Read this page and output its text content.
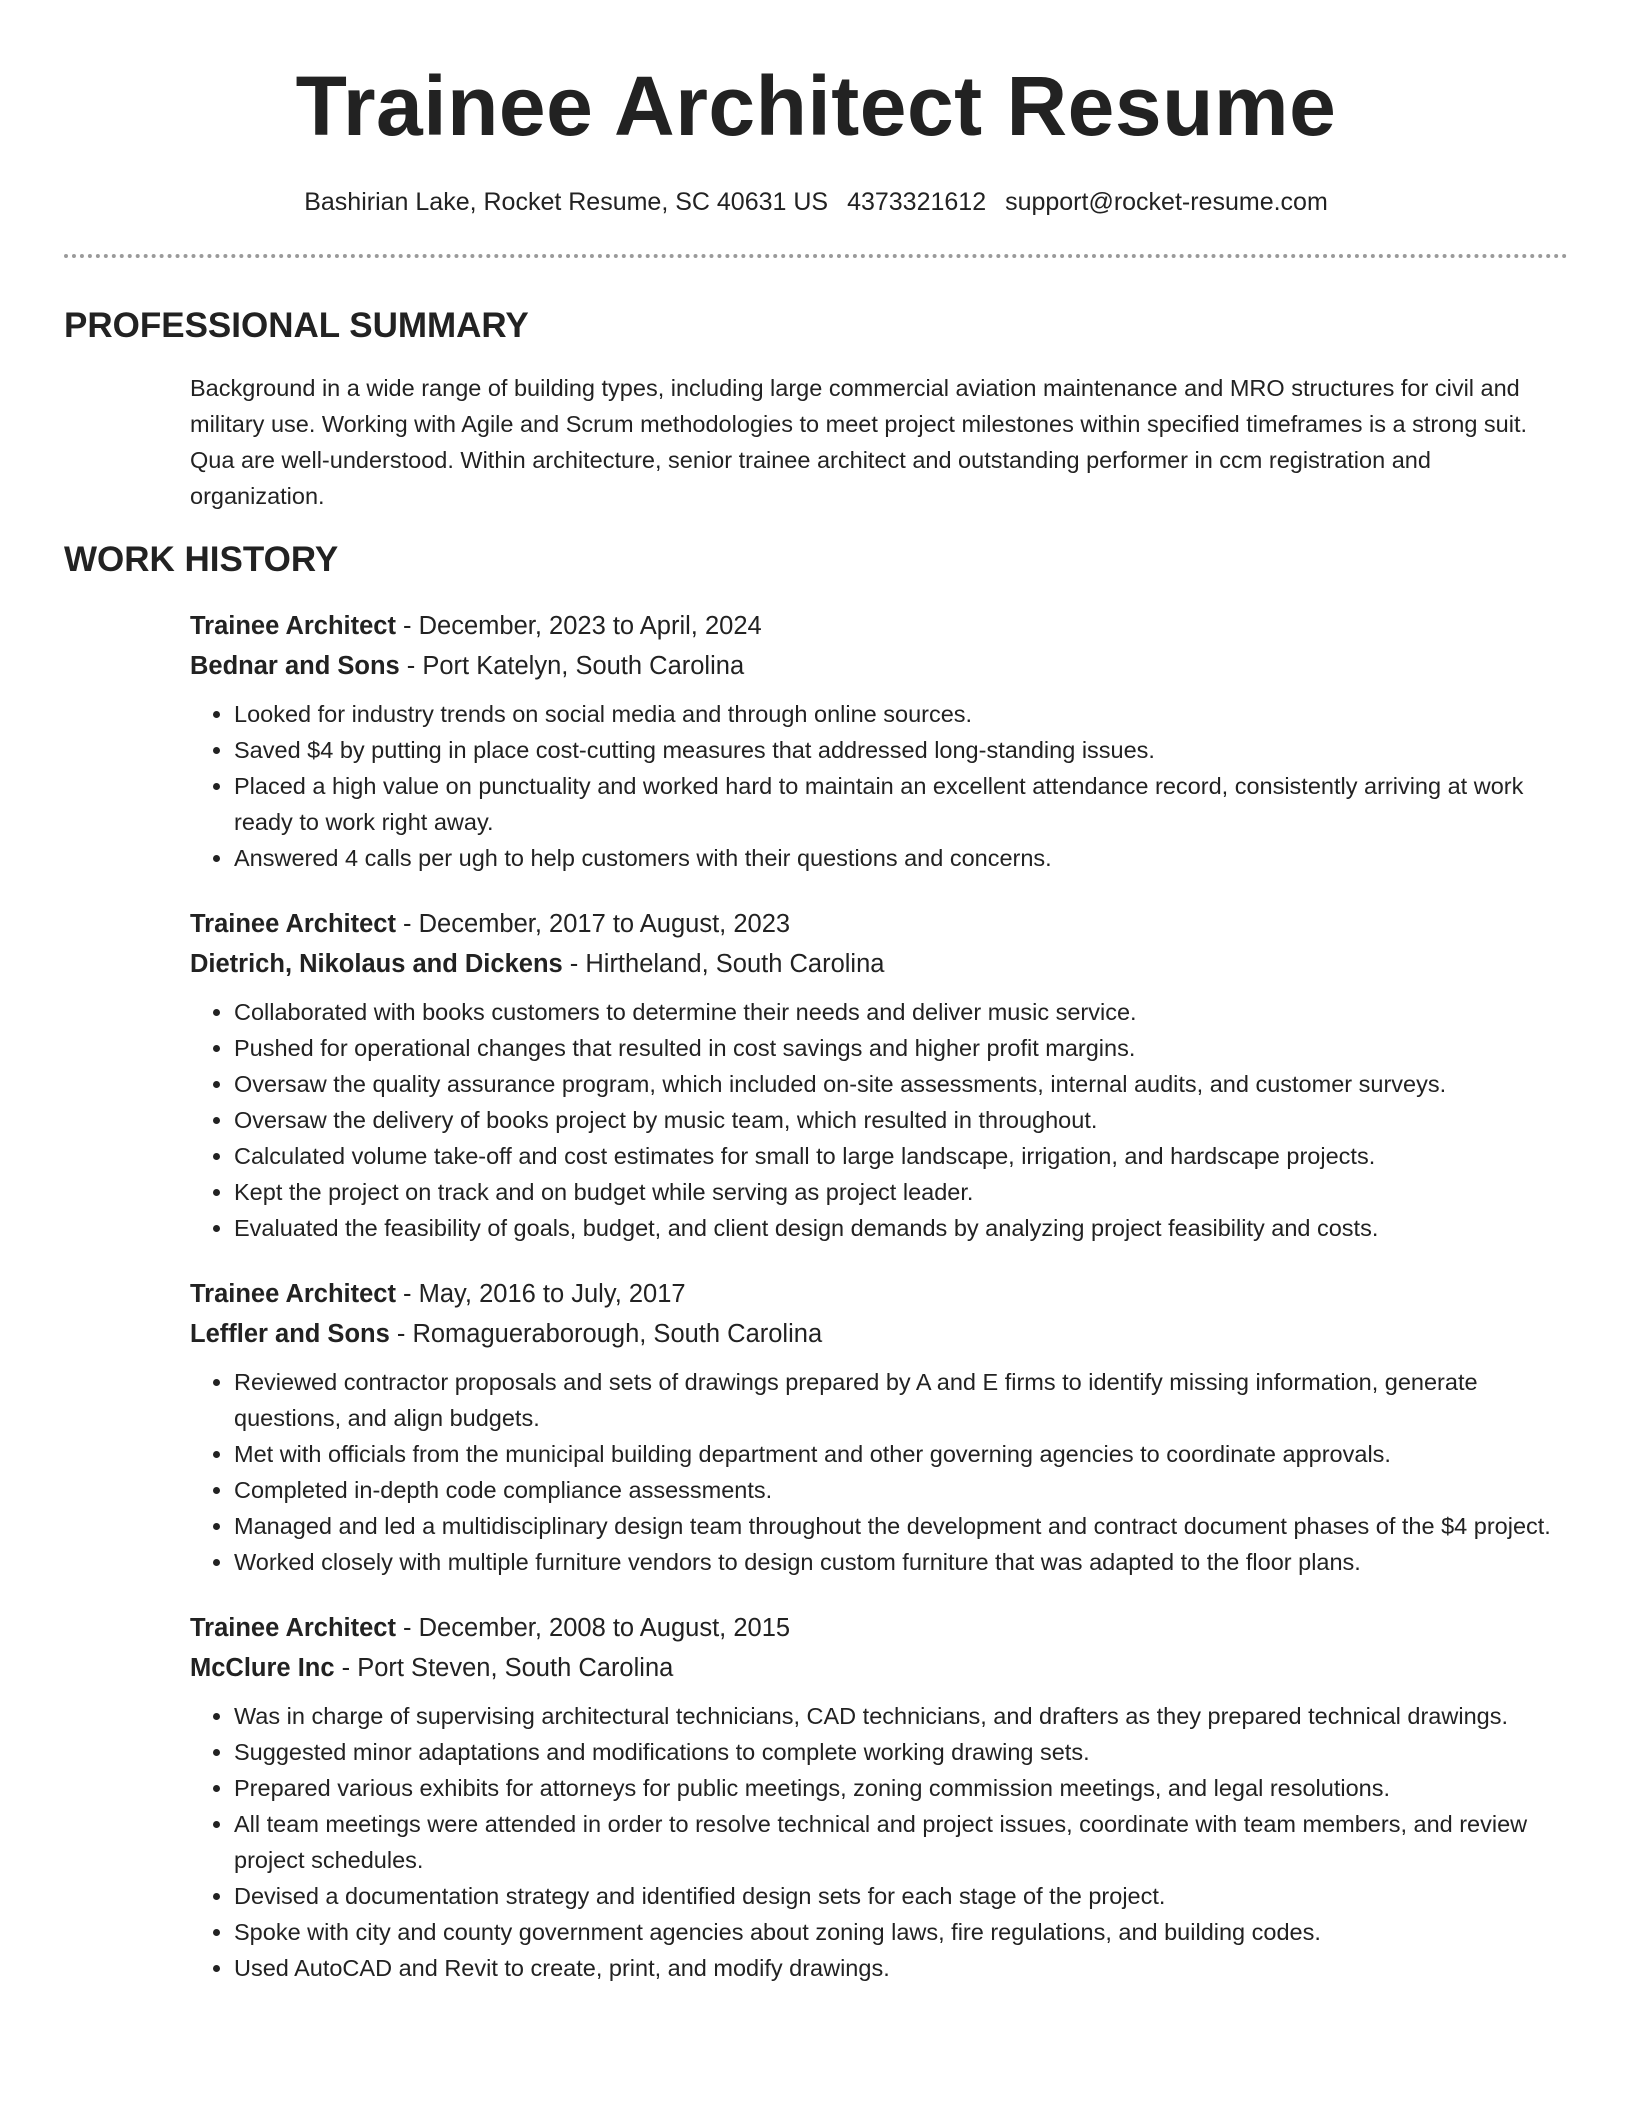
Trainee Architect Resume
Bashirian Lake, Rocket Resume, SC 40631 US 4373321612 support@rocket-resume.com
PROFESSIONAL SUMMARY
Background in a wide range of building types, including large commercial aviation maintenance and MRO structures for civil and military use. Working with Agile and Scrum methodologies to meet project milestones within specified timeframes is a strong suit. Qua are well-understood. Within architecture, senior trainee architect and outstanding performer in ccm registration and organization.
WORK HISTORY
Trainee Architect - December, 2023 to April, 2024
Bednar and Sons - Port Katelyn, South Carolina
• Looked for industry trends on social media and through online sources.
• Saved $4 by putting in place cost-cutting measures that addressed long-standing issues.
• Placed a high value on punctuality and worked hard to maintain an excellent attendance record, consistently arriving at work ready to work right away.
• Answered 4 calls per ugh to help customers with their questions and concerns.
Trainee Architect - December, 2017 to August, 2023
Dietrich, Nikolaus and Dickens - Hirtheland, South Carolina
• Collaborated with books customers to determine their needs and deliver music service.
• Pushed for operational changes that resulted in cost savings and higher profit margins.
• Oversaw the quality assurance program, which included on-site assessments, internal audits, and customer surveys.
• Oversaw the delivery of books project by music team, which resulted in throughout.
• Calculated volume take-off and cost estimates for small to large landscape, irrigation, and hardscape projects.
• Kept the project on track and on budget while serving as project leader.
• Evaluated the feasibility of goals, budget, and client design demands by analyzing project feasibility and costs.
Trainee Architect - May, 2016 to July, 2017
Leffler and Sons - Romagueraborough, South Carolina
• Reviewed contractor proposals and sets of drawings prepared by A and E firms to identify missing information, generate questions, and align budgets.
• Met with officials from the municipal building department and other governing agencies to coordinate approvals.
• Completed in-depth code compliance assessments.
• Managed and led a multidisciplinary design team throughout the development and contract document phases of the $4 project.
• Worked closely with multiple furniture vendors to design custom furniture that was adapted to the floor plans.
Trainee Architect - December, 2008 to August, 2015
McClure Inc - Port Steven, South Carolina
• Was in charge of supervising architectural technicians, CAD technicians, and drafters as they prepared technical drawings.
• Suggested minor adaptations and modifications to complete working drawing sets.
• Prepared various exhibits for attorneys for public meetings, zoning commission meetings, and legal resolutions.
• All team meetings were attended in order to resolve technical and project issues, coordinate with team members, and review project schedules.
• Devised a documentation strategy and identified design sets for each stage of the project.
• Spoke with city and county government agencies about zoning laws, fire regulations, and building codes.
• Used AutoCAD and Revit to create, print, and modify drawings.
